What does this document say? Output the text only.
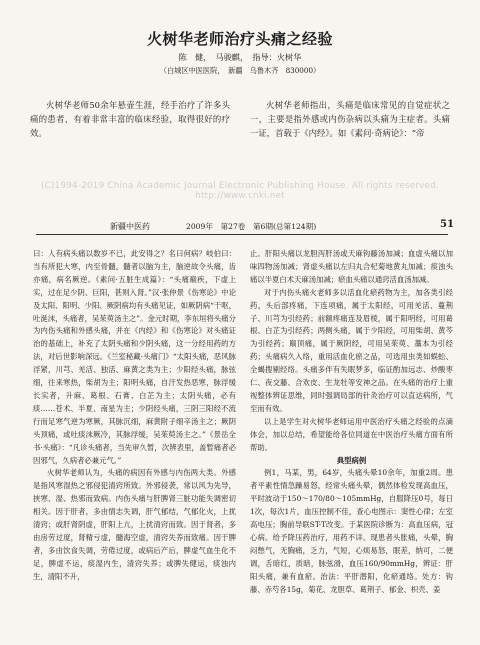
火树华老师治疗头痛之经验
陈　健，　马骏麒，　指导：火树华
（白城区中医医院，　新疆　乌鲁木齐　830000）

火树华老师50余年悬壶生涯，经手治疗了许多头痛的患者，有着非常丰富的临床经验，取得很好的疗效。

火树华老师指出，头痛是临床常见的自觉症状之一，主要是指外感或内伤杂病以头痛为主症者。头痛一证，首载于《内经》。如《素问·奇病论》：“帝

(C)1994-2019 China Academic Journal Electronic Publishing House. All rights reserved. http://www.cnki.net
新疆中医药	2009年　第27卷　第6期(总第124期)	51

曰：人有病头痛以数岁不已，此安得之？名曰何病？岐伯曰：当有所犯大寒，内至骨髓，髓者以脑为主，脑逆故令头痛，齿亦痛，病名厥逆。《素问·五脏生成篇》：“头痛巅疾，下虚上实，过在足少阴、巨阳，甚则入肾。”汉·张仲景《伤寒论》中论及太阳、阳明、少阳、厥阴病均有头痛见证，如厥阴病“干呕，吐涎沫，头痛者，吴茱萸汤主之”。金元时期，李东垣将头痛分为内伤头痛和外感头痛，并在《内经》和《伤寒论》对头痛证治的基础上，补充了太阴头痛和少阴头痛，这一分经用药的方法，对后世影响深远。《兰室秘藏·头痛门》“太阳头痛，恶风脉浮紧，川芎、羌活、独活、麻黄之类为主；少阳经头痛，脉弦细，往来寒热，柴胡为主；阳明头痛，自汗发热恶寒，脉浮缓长实者，升麻、葛根、石膏、白芷为主；太阴头痛，必有痰……苍术、半夏、南星为主；少阴经头痛，三阴三阳经不流行而足寒气逆为寒厥，其脉沉细，麻黄附子细辛汤主之；厥阴头顶痛，或吐痰沫厥冷，其脉浮缓，吴茱萸汤主之。”《景岳全书·头痛》：“凡诊头痛者，当先审久暂，次辨表里，盖暂痛者必因邪气，久病者必兼元气。”

火树华老师认为，头痛的病因有外感与内伤两大类。外感是指风寒湿热之邪侵犯清窍所致。外邪侵袭，常以风为先导，挟寒、湿、热邪而致病。内伤头痛与肝脾肾三脏功能失调密切相关。因于肝者，多由情志失调，肝气郁结，气郁化火，上扰清窍；或肝肾阴虚，肝阳上亢，上扰清窍而致。因于肾者，多由房劳过度，肾精亏虚，髓海空虚，清窍失养而致痛。因于脾者，多由饮食失调，劳倦过度，或病后产后，脾虚气血生化不足，脾虚不运，痰湿内生，清窍失养；或脾失健运，痰浊内生，清阳不升，

止。肝阳头痛以龙胆泻肝汤或天麻钩藤汤加减；血虚头痛以加味四物汤加减；肾虚头痛以左归丸合杞菊地黄丸加减；痰浊头痛以半夏白术天麻汤加减；瘀血头痛以通窍活血汤加减。

对于内伤头痛火老师多以活血化瘀药物为主，加各类引经药，头后部疼痛，下连项痛，属于太阳经，可用羌活、蔓荆子、川芎为引经药；前额疼痛连及眉棱，属于阳明经，可用葛根、白芷为引经药；两侧头痛，属于少阳经，可用柴胡、黄芩为引经药；巅顶痛，属于厥阴经，可用吴茱萸、藁本为引经药；头痛病久入络，重用活血化瘀之品，可选用虫类如蜈蚣、全蝎搜剔经络。头痛多伴有失眠梦多，临证酌加远志、炒酸枣仁、夜交藤、合欢皮、生龙牡等安神之品。在头痛的治疗上重视整体辨证思维，同时强调局部的针灸治疗可以直达病所，气至而有效。

以上是学生对火树华老师运用中医治疗头痛之经验的点滴体会，加以总结，希望能给各位同道在中医治疗头痛方面有所帮助。

典型病例

例1，马某，男，64岁，头痛头晕10余年，加重2周。患者平素性情急躁易怒，经常头痛头晕，偶然体检发现高血压，平时波动于150～170/80～105mmHg，自服降压0号，每日1次，每次1片，血压控制不佳，查心电图示：窦性心律；左室高电压；胸前导联ST-T改变。于某医院诊断为：高血压病，冠心病。给予降压药治疗，用药不详。现患者头胀痛，头晕，胸闷憋气，无胸痛，乏力，气短，心烦易怒，眠差，纳可，二便调，舌暗红，质暗，脉弦滑，血压160/90mmHg，辨证：肝阳头痛，兼有血瘀。治法：平肝潜阳，化瘀通络。处方：钩藤、赤芍各15g，菊花、龙胆草、葛荆子、郁金、枳壳、姜
